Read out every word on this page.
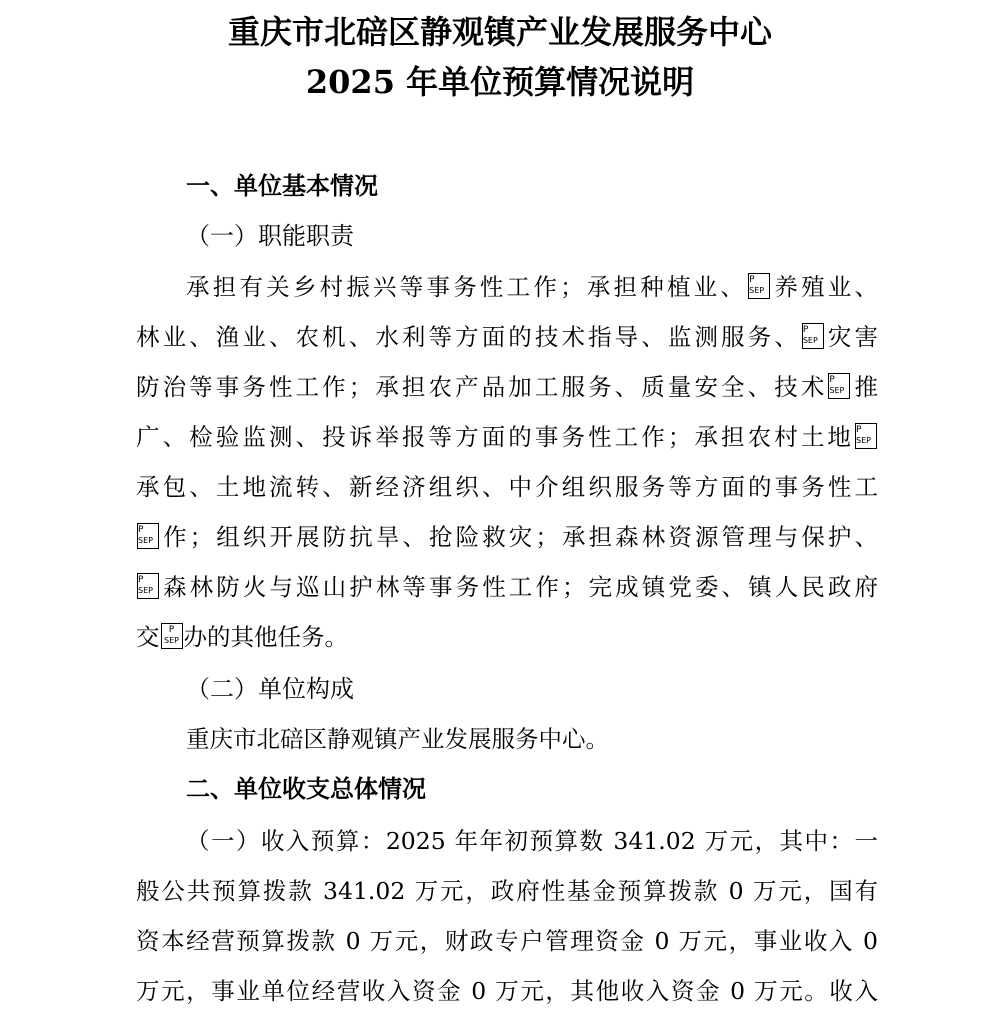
重庆市北碚区静观镇产业发展服务中心
2025 年单位预算情况说明
一、单位基本情况
（一）职能职责
承担有关乡村振兴等事务性工作；承担种植业、 P
SEP 养殖业、
林业、渔业、农机、水利等方面的技术指导、监测服务、 P
SEP 灾害
防治等事务性工作；承担农产品加工服务、质量安全、技术 P
SEP 推
广、检验监测、投诉举报等方面的事务性工作；承担农村土地 P
SEP
承包、土地流转、新经济组织、中介组织服务等方面的事务性工
P
SEP 作；组织开展防抗旱、抢险救灾；承担森林资源管理与保护、
P
SEP 森林防火与巡山护林等事务性工作；完成镇党委、镇人民政府
交	P
SEP 办的其他任务。
（二）单位构成
重庆市北碚区静观镇产业发展服务中心。
二、单位收支总体情况
（一）收入预算：2025 年年初预算数 341.02 万元，其中：一
般公共预算拨款 341.02 万元，政府性基金预算拨款 0 万元，国有
资本经营预算拨款 0 万元，财政专户管理资金 0 万元，事业收入 0
万元，事业单位经营收入资金 0 万元，其他收入资金 0 万元。收入
